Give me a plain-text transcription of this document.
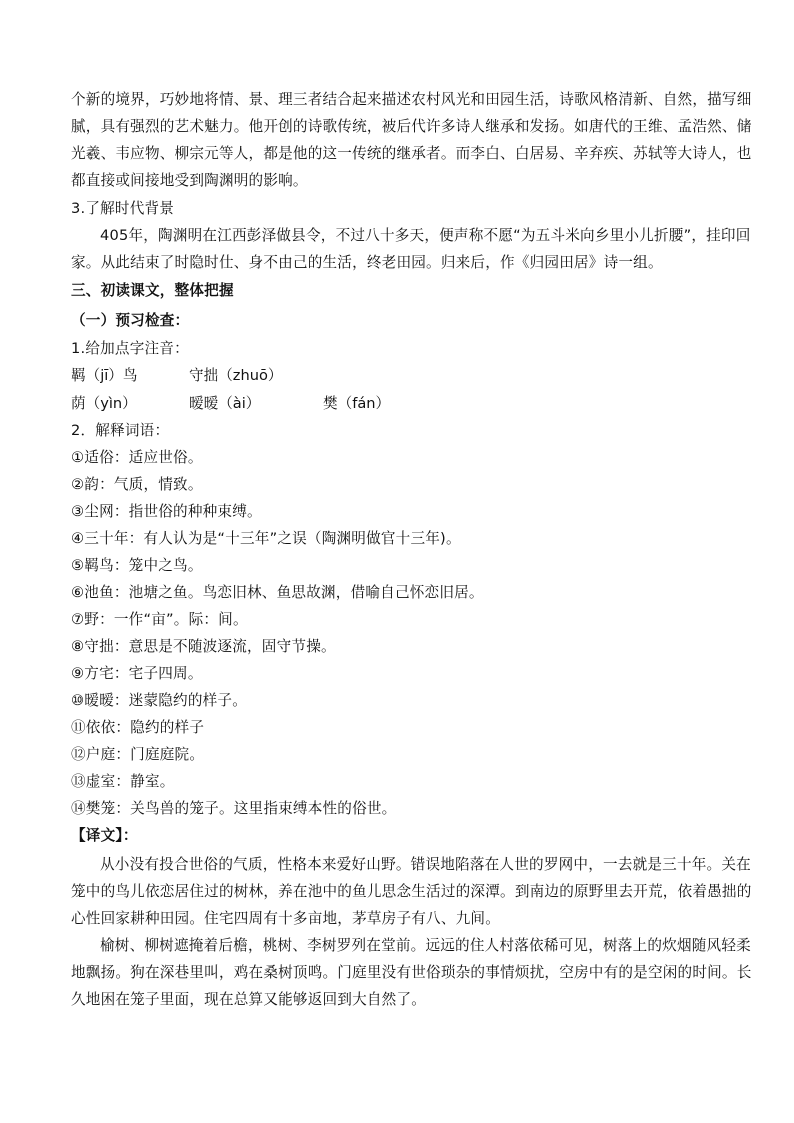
个新的境界，巧妙地将情、景、理三者结合起来描述农村风光和田园生活，诗歌风格清新、自然，描写细
腻，具有强烈的艺术魅力。他开创的诗歌传统，被后代许多诗人继承和发扬。如唐代的王维、孟浩然、储
光羲、韦应物、柳宗元等人，都是他的这一传统的继承者。而李白、白居易、辛弃疾、苏轼等大诗人，也
都直接或间接地受到陶渊明的影响。
3.了解时代背景
405年，陶渊明在江西彭泽做县令，不过八十多天，便声称不愿“为五斗米向乡里小儿折腰”，挂印回
家。从此结束了时隐时仕、身不由己的生活，终老田园。归来后，作《归园田居》诗一组。
三、初读课文，整体把握
（一）预习检查：
1.给加点字注音：
羁（jī）鸟	守拙（zhuō）
荫（yìn）	暧暧（ài）	樊（fán）
2．解释词语：
①适俗：适应世俗。
②韵：气质，情致。
③尘网：指世俗的种种束缚。
④三十年：有人认为是“十三年”之误（陶渊明做官十三年)。
⑤羁鸟：笼中之鸟。
⑥池鱼：池塘之鱼。鸟恋旧林、鱼思故渊，借喻自己怀恋旧居。
⑦野：一作“亩”。际：间。
⑧守拙：意思是不随波逐流，固守节操。
⑨方宅：宅子四周。
⑩暧暧：迷蒙隐约的样子。
⑪依依：隐约的样子
⑫户庭：门庭庭院。
⑬虚室：静室。
⑭樊笼：关鸟兽的笼子。这里指束缚本性的俗世。
【译文】：
从小没有投合世俗的气质，性格本来爱好山野。错误地陷落在人世的罗网中，一去就是三十年。关在
笼中的鸟儿依恋居住过的树林，养在池中的鱼儿思念生活过的深潭。到南边的原野里去开荒，依着愚拙的
心性回家耕种田园。住宅四周有十多亩地，茅草房子有八、九间。
榆树、柳树遮掩着后檐，桃树、李树罗列在堂前。远远的住人村落依稀可见，树落上的炊烟随风轻柔
地飘扬。狗在深巷里叫，鸡在桑树顶鸣。门庭里没有世俗琐杂的事情烦扰，空房中有的是空闲的时间。长
久地困在笼子里面，现在总算又能够返回到大自然了。
